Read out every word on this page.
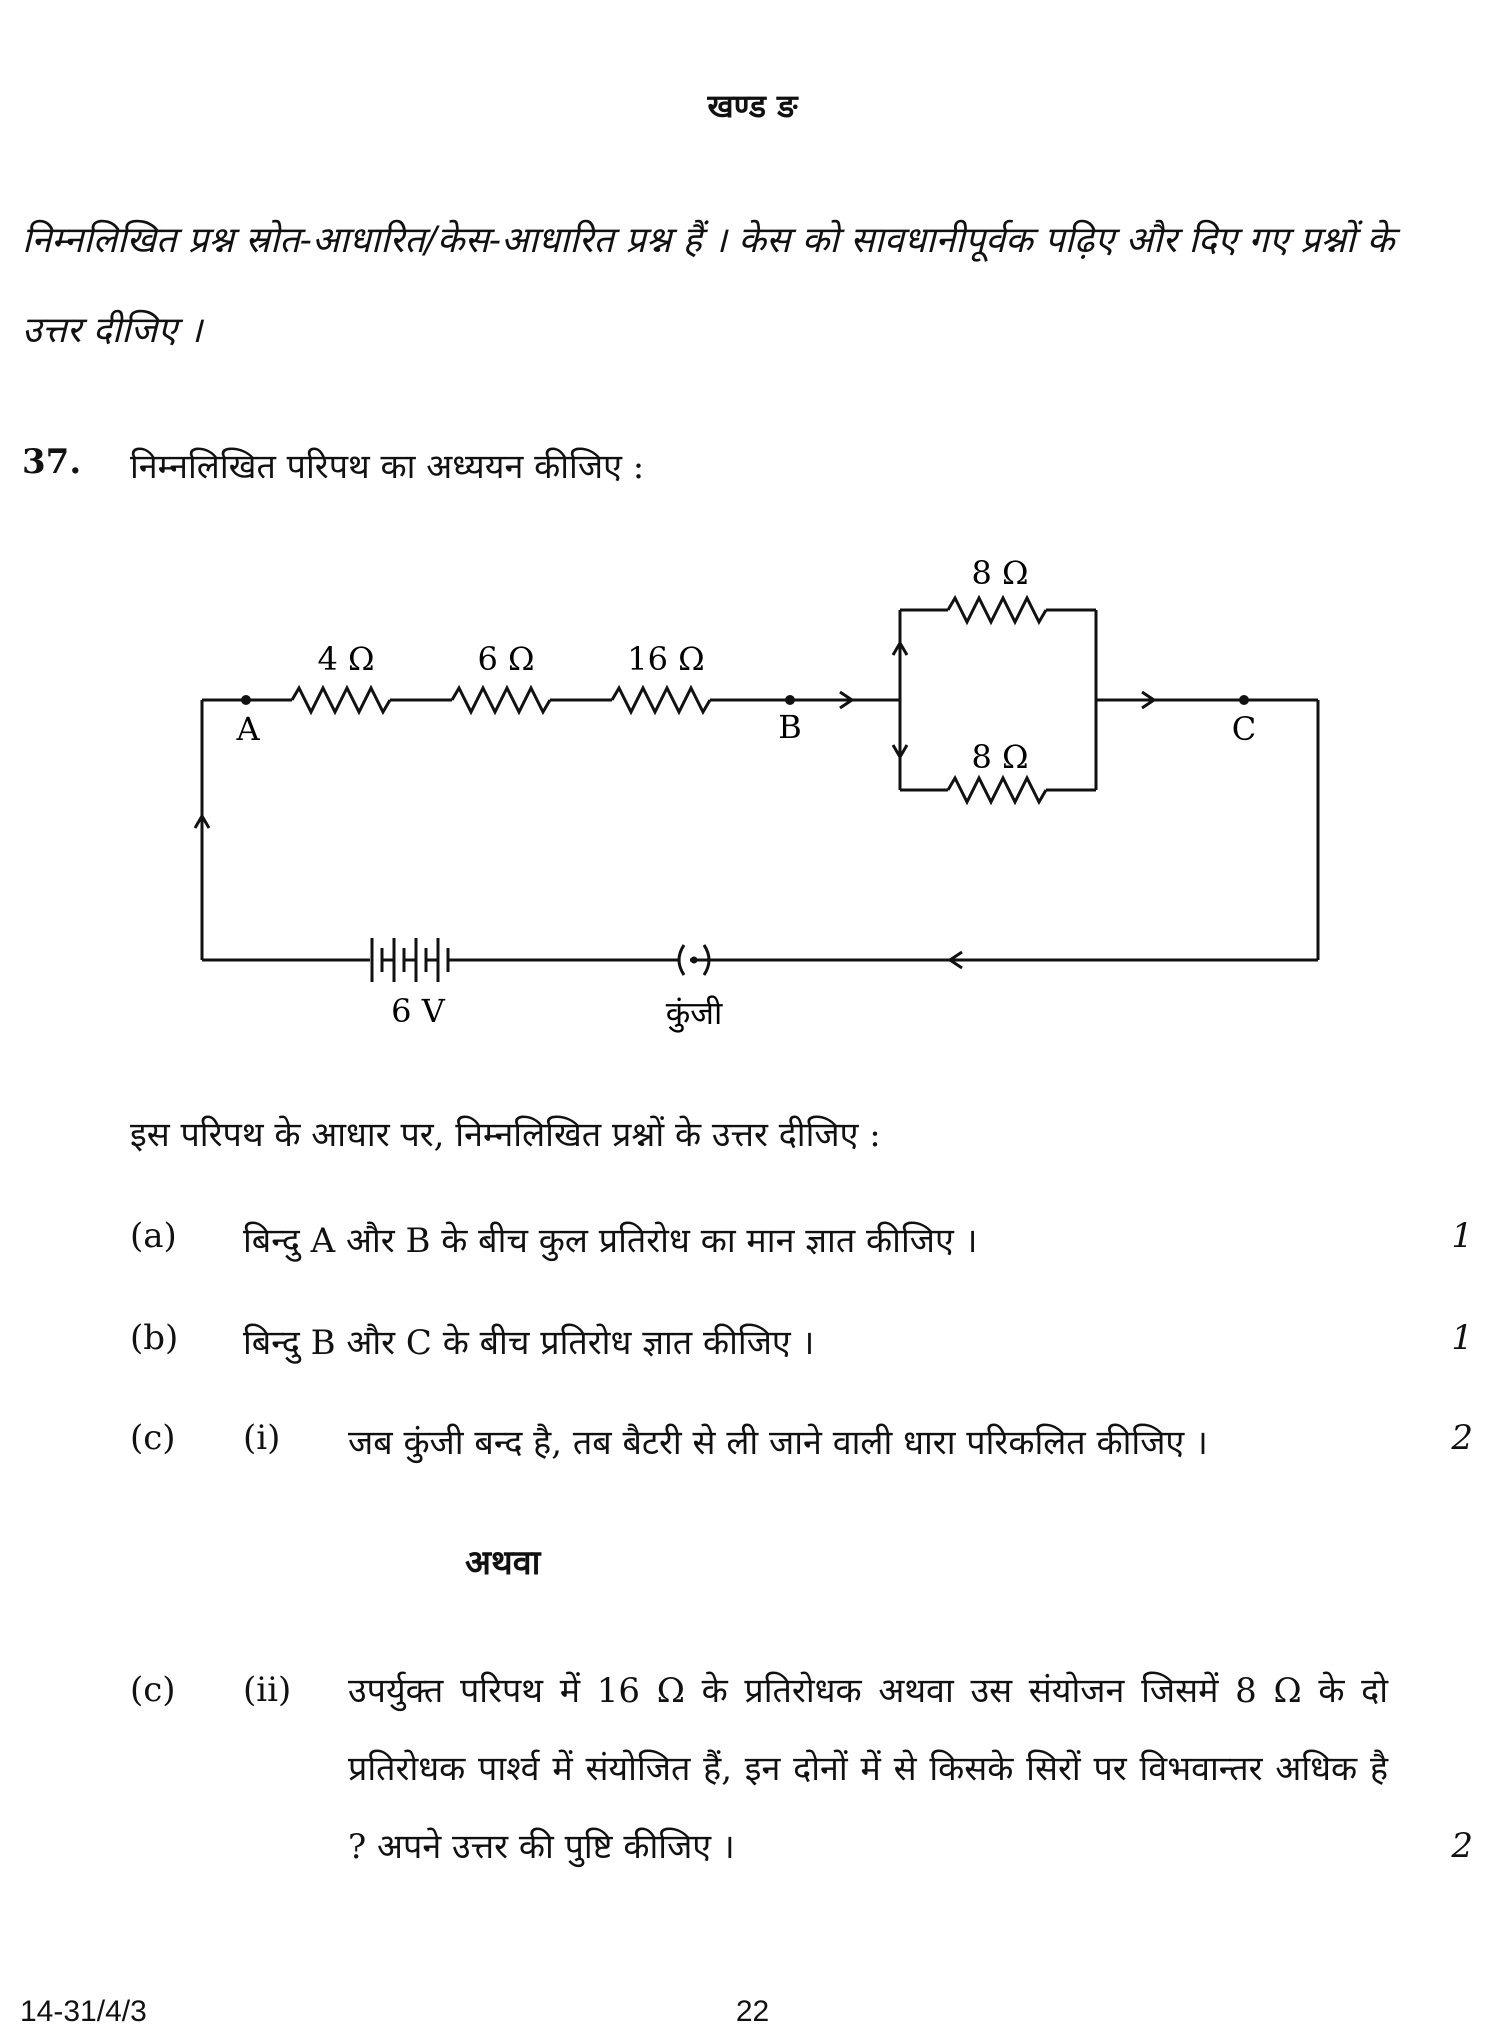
खण्ड ङ
निम्नलिखित प्रश्न स्रोत-आधारित/केस-आधारित प्रश्न हैं । केस को सावधानीपूर्वक पढ़िए और दिए गए प्रश्नों के उत्तर दीजिए ।
37. निम्नलिखित परिपथ का अध्ययन कीजिए :
4 Ω	6 Ω	16 Ω
8 Ω
8 Ω
A	B	C
6 V	कुंजी
इस परिपथ के आधार पर, निम्नलिखित प्रश्नों के उत्तर दीजिए :
(a) बिन्दु A और B के बीच कुल प्रतिरोध का मान ज्ञात कीजिए ।	1
(b) बिन्दु B और C के बीच प्रतिरोध ज्ञात कीजिए ।	1
(c) (i) जब कुंजी बन्द है, तब बैटरी से ली जाने वाली धारा परिकलित कीजिए ।	2
अथवा
(c) (ii) उपर्युक्त परिपथ में 16 Ω के प्रतिरोधक अथवा उस संयोजन जिसमें 8 Ω के दो प्रतिरोधक पार्श्व में संयोजित हैं, इन दोनों में से किसके सिरों पर विभवान्तर अधिक है ? अपने उत्तर की पुष्टि कीजिए ।	2
14-31/4/3	22
